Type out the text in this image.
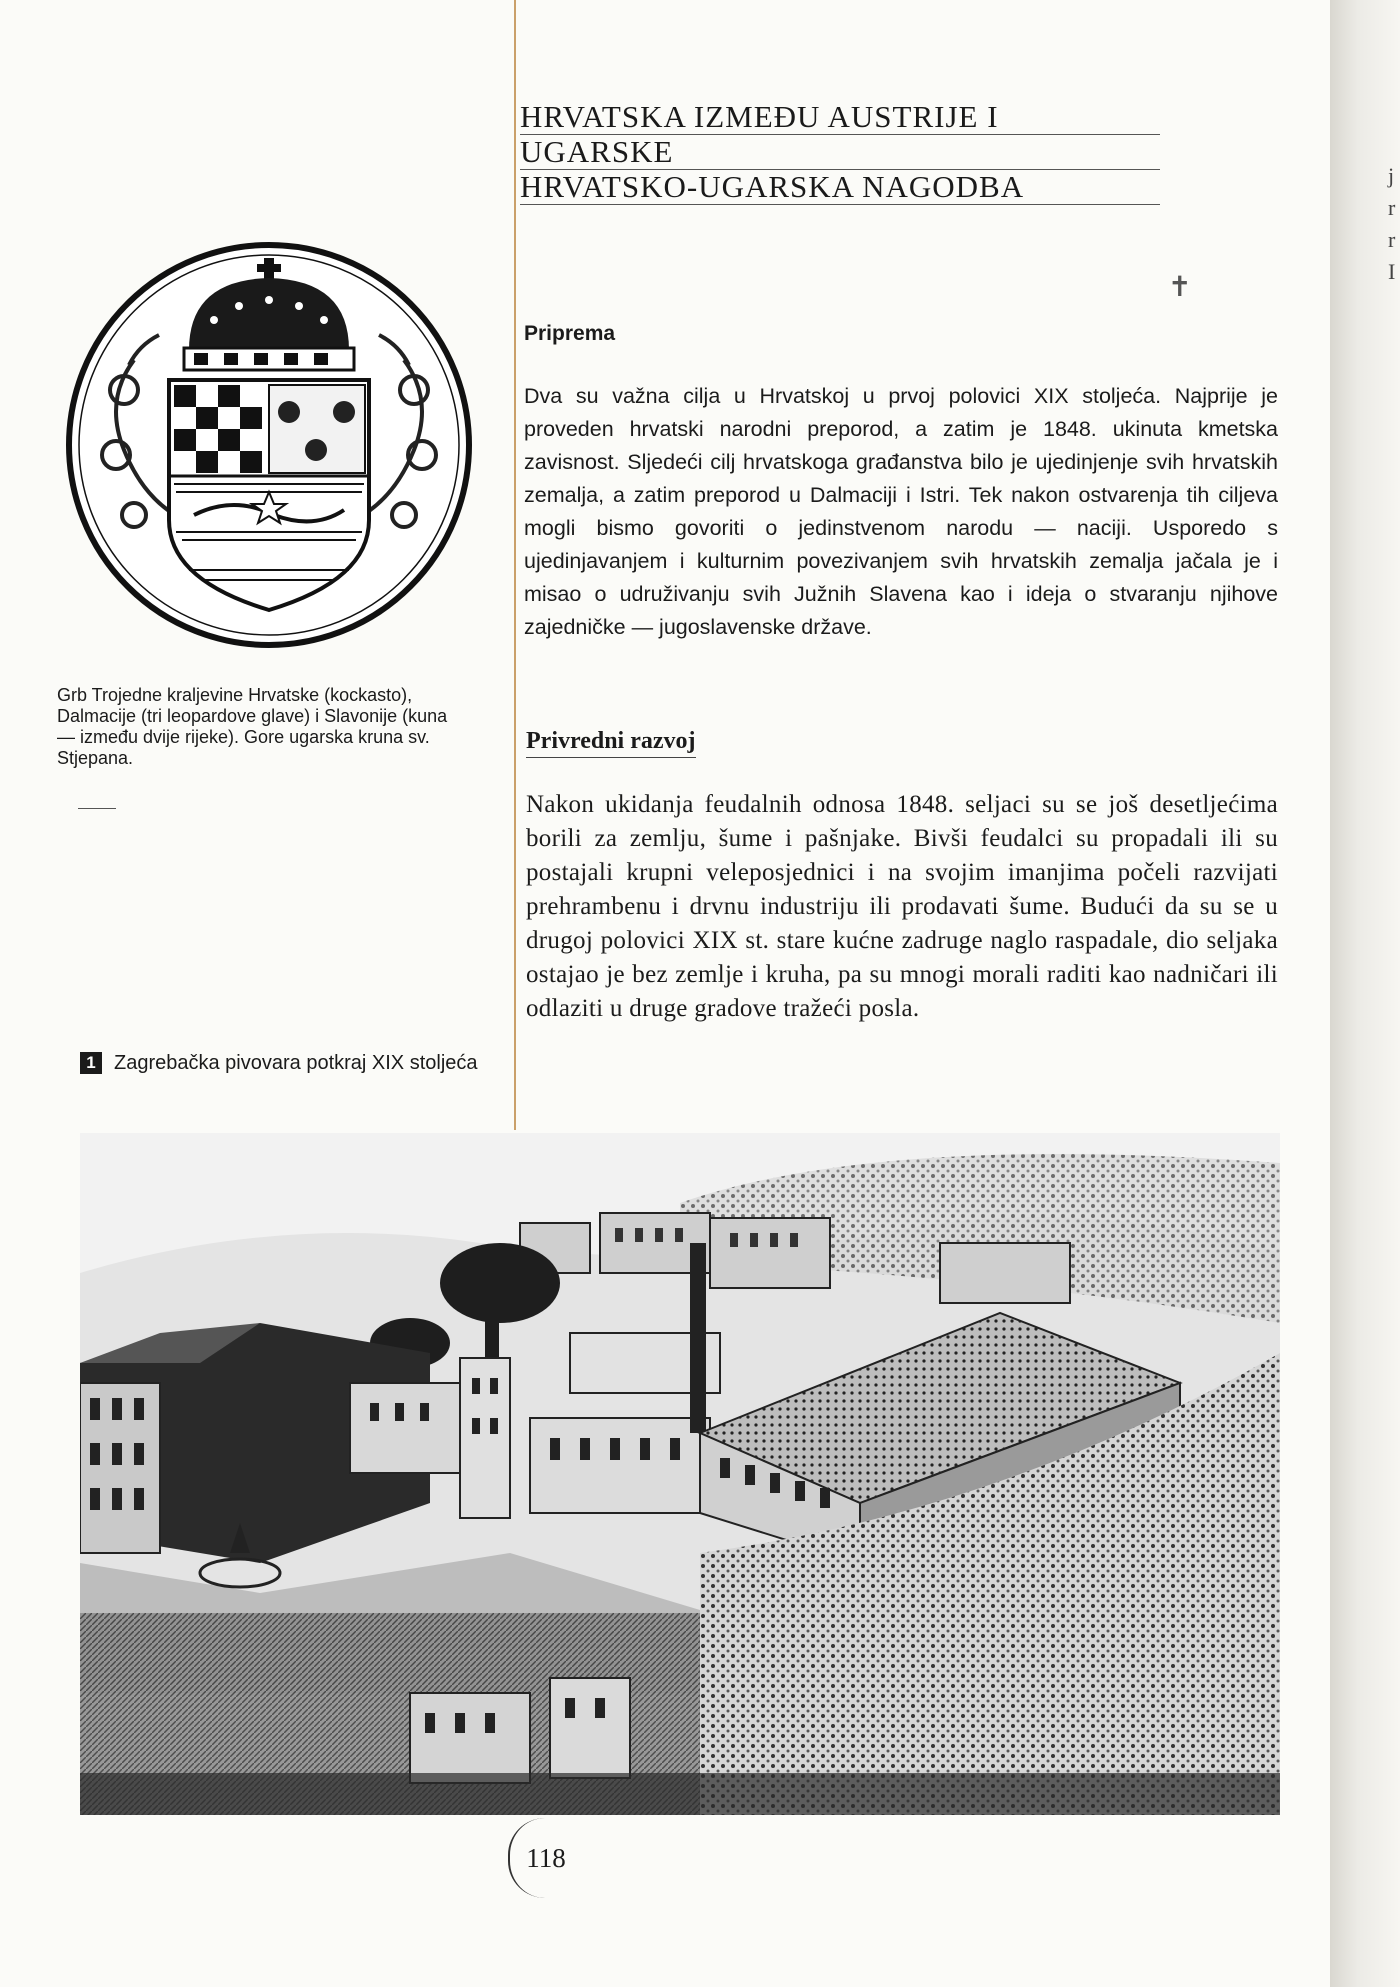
j
r
r
I
HRVATSKA IZMEĐU AUSTRIJE I
UGARSKE
HRVATSKO-UGARSKA NAGODBA
✝
Grb Trojedne kraljevine Hrvatske (kockasto), Dalmacije (tri leopardove glave) i Slavonije (kuna — između dvije rijeke). Gore ugarska kruna sv. Stjepana.
Priprema
Dva su važna cilja u Hrvatskoj u prvoj polovici XIX stoljeća. Najprije je proveden hrvatski narodni preporod, a zatim je 1848. ukinuta kmetska zavisnost. Sljedeći cilj hrvatskoga građanstva bilo je ujedinjenje svih hrvatskih zemalja, a zatim preporod u Dalmaciji i Istri. Tek nakon ostvarenja tih ciljeva mogli bismo govoriti o jedinstvenom narodu — naciji. Usporedo s ujedinjavanjem i kulturnim povezivanjem svih hrvatskih zemalja jačala je i misao o udruživanju svih Južnih Slavena kao i ideja o stvaranju njihove zajedničke — jugoslavenske države.
Privredni razvoj
Nakon ukidanja feudalnih odnosa 1848. seljaci su se još desetljećima borili za zemlju, šume i pašnjake. Bivši feudalci su propadali ili su postajali krupni veleposjednici i na svojim imanjima počeli razvijati prehrambenu i drvnu industriju ili prodavati šume. Budući da su se u drugoj polovici XIX st. stare kućne zadruge naglo raspadale, dio seljaka ostajao je bez zemlje i kruha, pa su mnogi morali raditi kao nadničari ili odlaziti u druge gradove tražeći posla.
1 Zagrebačka pivovara potkraj XIX stoljeća
118
